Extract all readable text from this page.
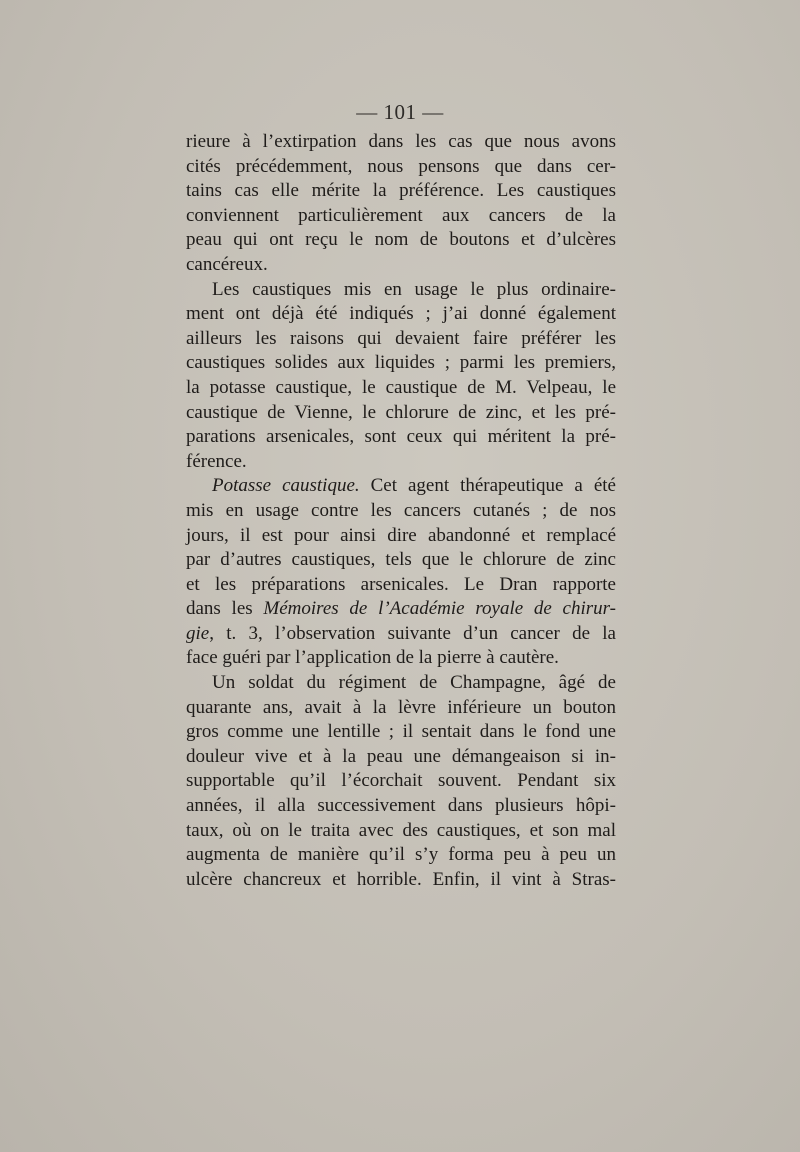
— 101 —
rieure à l’extirpation dans les cas que nous avons
cités précédemment, nous pensons que dans cer-
tains cas elle mérite la préférence. Les caustiques
conviennent particulièrement aux cancers de la
peau qui ont reçu le nom de boutons et d’ulcères
cancéreux.
Les caustiques mis en usage le plus ordinaire-
ment ont déjà été indiqués ; j’ai donné également
ailleurs les raisons qui devaient faire préférer les
caustiques solides aux liquides ; parmi les premiers,
la potasse caustique, le caustique de M. Velpeau, le
caustique de Vienne, le chlorure de zinc, et les pré-
parations arsenicales, sont ceux qui méritent la pré-
férence.
Potasse caustique. Cet agent thérapeutique a été
mis en usage contre les cancers cutanés ; de nos
jours, il est pour ainsi dire abandonné et remplacé
par d’autres caustiques, tels que le chlorure de zinc
et les préparations arsenicales. Le Dran rapporte
dans les Mémoires de l’Académie royale de chirur-
gie, t. 3, l’observation suivante d’un cancer de la
face guéri par l’application de la pierre à cautère.
Un soldat du régiment de Champagne, âgé de
quarante ans, avait à la lèvre inférieure un bouton
gros comme une lentille ; il sentait dans le fond une
douleur vive et à la peau une démangeaison si in-
supportable qu’il l’écorchait souvent. Pendant six
années, il alla successivement dans plusieurs hôpi-
taux, où on le traita avec des caustiques, et son mal
augmenta de manière qu’il s’y forma peu à peu un
ulcère chancreux et horrible. Enfin, il vint à Stras-
